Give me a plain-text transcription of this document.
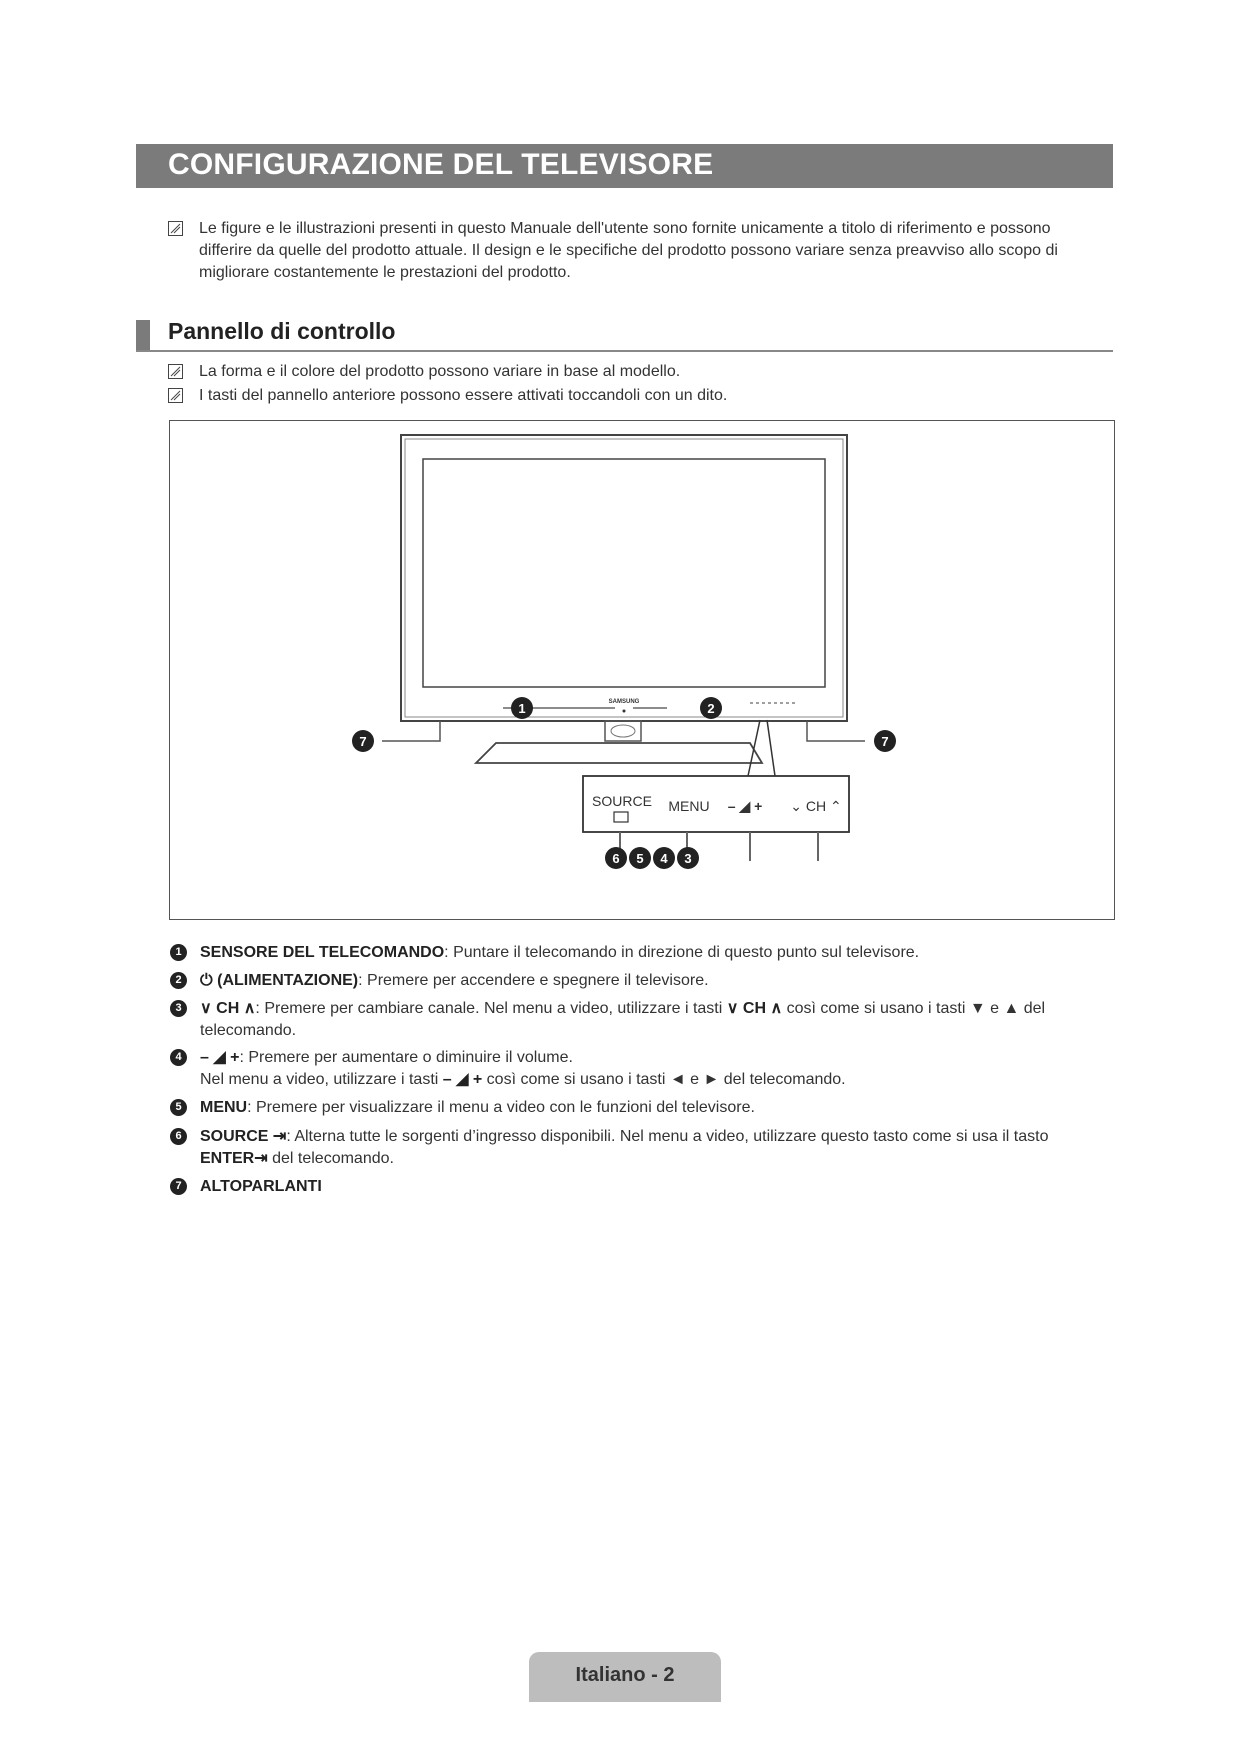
CONFIGURAZIONE DEL TELEVISORE
Le figure e le illustrazioni presenti in questo Manuale dell'utente sono fornite unicamente a titolo di riferimento e possono differire da quelle del prodotto attuale. Il design e le specifiche del prodotto possono variare senza preavviso allo scopo di migliorare costantemente le prestazioni del prodotto.
Pannello di controllo
La forma e il colore del prodotto possono variare in base al modello.
I tasti del pannello anteriore possono essere attivati toccandoli con un dito.
SAMSUNG
SOURCE MENU – ◢ + ⌄ CH ⌃
1	2
7	7
6 5 4 3
1	SENSORE DEL TELECOMANDO: Puntare il telecomando in direzione di questo punto sul televisore.
2	⏻ (ALIMENTAZIONE): Premere per accendere e spegnere il televisore.
3	∨ CH ∧: Premere per cambiare canale. Nel menu a video, utilizzare i tasti ∨ CH ∧ così come si usano i tasti ▼ e ▲ del telecomando.
4	– ◢ +: Premere per aumentare o diminuire il volume.
Nel menu a video, utilizzare i tasti – ◢ + così come si usano i tasti ◄ e ► del telecomando.
5	MENU: Premere per visualizzare il menu a video con le funzioni del televisore.
6	SOURCE ⇥: Alterna tutte le sorgenti d’ingresso disponibili. Nel menu a video, utilizzare questo tasto come si usa il tasto ENTER⇥ del telecomando.
7	ALTOPARLANTI
Italiano - 2
